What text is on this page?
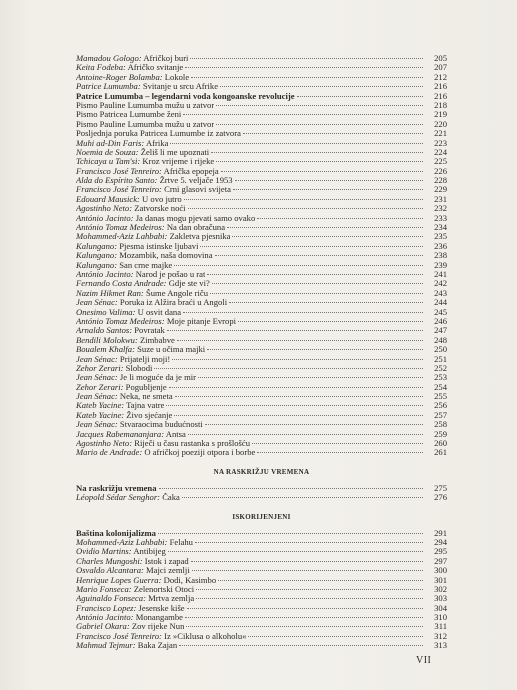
Mamadou Gologo: Afričkoj buri	205
Keita Fodeba: Afričko svitanje	207
Antoine-Roger Bolamba: Lokole	212
Patrice Lumumba: Svitanje u srcu Afrike	216
Patrice Lumumba – legendarni voda kongoanske revolucije	216
Pismo Pauline Lumumba mužu u zatvor	218
Pismo Patricea Lumumbe ženi	219
Pismo Pauline Lumumba mužu u zatvor	220
Posljednja poruka Patricea Lumumbe iz zatvora	221
Muhi ad-Din Faris: Afrika	223
Noemia de Souza: Želiš li me upoznati	224
Tchicaya u Tam'si: Kroz vrijeme i rijeke	225
Francisco José Tenreiro: Afrička epopeja	226
Alda do Espírito Santo: Žrtve 5. veljače 1953	228
Francisco José Tenreiro: Crni glasovi svijeta	229
Edouard Mausick: U ovo jutro	231
Agostinho Neto: Zatvorske noći	232
António Jacinto: Ja danas mogu pjevati samo ovako	233
António Tomaz Medeiros: Na dan obračuna	234
Mohammed-Aziz Lahbabi: Zakletva pjesnika	235
Kalungano: Pjesma istinske ljubavi	236
Kalungano: Mozambik, naša domovina	238
Kalungano: San crne majke	239
António Jacinto: Narod je pošao u rat	241
Fernando Costa Andrade: Gdje ste vi?	242
Nazim Hikmet Ran: Šume Angole riču	243
Jean Sénac: Poruka iz Alžira braći u Angoli	244
Onesimo Valima: U osvit dana	245
António Tomaz Medeiros: Moje pitanje Evropi	246
Arnaldo Santos: Povratak	247
Bendili Molokwu: Zimbabve	248
Boualem Khalfa: Suze u očima majki	250
Jean Sénac: Prijatelji moji!	251
Zehor Zerari: Slobodi	252
Jean Sénac: Je li moguće da je mir	253
Zehor Zerari: Pogubljenje	254
Jean Sénac: Neka, ne smeta	255
Kateb Yacine: Tajna vatre	256
Kateb Yacine: Živo sjećanje	257
Jean Sénac: Stvaraocima budućnosti	258
Jacques Rabemananjara: Antsa	259
Agostinho Neto: Riječi u času rastanka s prošlošću	260
Mario de Andrade: O afričkoj poeziji otpora i borbe	261
NA RASKRIŽJU VREMENA
Na raskrižju vremena	275
Léopold Sédar Senghor: Čaka	276
ISKORIJENJENI
Baština kolonijalizma	291
Mohammed-Aziz Lahbabi: Felahu	294
Ovidio Martins: Antibijeg	295
Charles Mungoshi: Istok i zapad	297
Osvaldo Alcantara: Majci zemlji	300
Henrique Lopes Guerra: Dodi, Kasimbo	301
Mario Fonseca: Zelenortski Otoci	302
Aguinaldo Fonseca: Mrtva zemlja	303
Francisco Lopez: Jesenske kiše	304
António Jacinto: Monangambe	310
Gabriel Okara: Zov rijeke Nun	311
Francisco José Tenreiro: Iz »Ciklusa o alkoholu«	312
Mahmud Tejmur: Baka Zajan	313
VII
